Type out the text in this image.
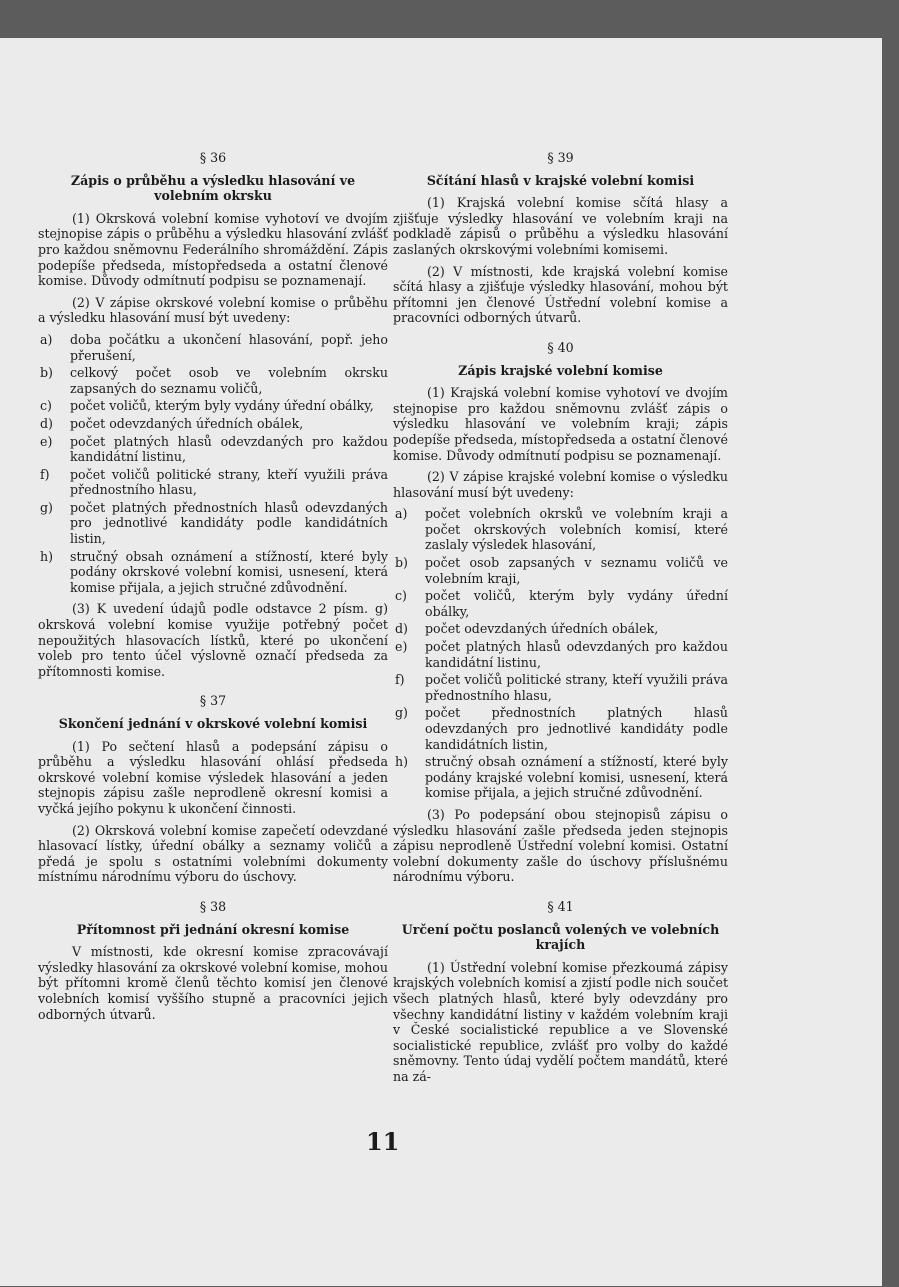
§ 36
Zápis o průběhu a výsledku hlasování ve volebním okrsku

(1) Okrsková volební komise vyhotoví ve dvojím stejnopise zápis o průběhu a výsledku hlasování zvlášť pro každou sněmovnu Federálního shromáždění. Zápis podepíše předseda, místopředseda a ostatní členové komise. Důvody odmítnutí podpisu se poznamenají.

(2) V zápise okrskové volební komise o průběhu a výsledku hlasování musí být uvedeny:

a)	doba počátku a ukončení hlasování, popř. jeho přerušení,
b)	celkový počet osob ve volebním okrsku zapsaných do seznamu voličů,
c)	počet voličů, kterým byly vydány úřední obálky,
d)	počet odevzdaných úředních obálek,
e)	počet platných hlasů odevzdaných pro každou kandidátní listinu,
f)	počet voličů politické strany, kteří využili práva přednostního hlasu,
g)	počet platných přednostních hlasů odevzdaných pro jednotlivé kandidáty podle kandidátních listin,
h)	stručný obsah oznámení a stížností, které byly podány okrskové volební komisi, usnesení, která komise přijala, a jejich stručné zdůvodnění.

(3) K uvedení údajů podle odstavce 2 písm. g) okrsková volební komise využije potřebný počet nepoužitých hlasovacích lístků, které po ukončení voleb pro tento účel výslovně označí předseda za přítomnosti komise.

§ 37
Skončení jednání v okrskové volební komisi

(1) Po sečtení hlasů a podepsání zápisu o průběhu a výsledku hlasování ohlásí předseda okrskové volební komise výsledek hlasování a jeden stejnopis zápisu zašle neprodleně okresní komisi a vyčká jejího pokynu k ukončení činnosti.

(2) Okrsková volební komise zapečetí odevzdané hlasovací lístky, úřední obálky a seznamy voličů a předá je spolu s ostatními volebními dokumenty místnímu národnímu výboru do úschovy.

§ 38
Přítomnost při jednání okresní komise

V místnosti, kde okresní komise zpracovávají výsledky hlasování za okrskové volební komise, mohou být přítomni kromě členů těchto komisí jen členové volebních komisí vyššího stupně a pracovníci jejich odborných útvarů.

§ 39
Sčítání hlasů v krajské volební komisi

(1) Krajská volební komise sčítá hlasy a zjišťuje výsledky hlasování ve volebním kraji na podkladě zápisů o průběhu a výsledku hlasování zaslaných okrskovými volebními komisemi.

(2) V místnosti, kde krajská volební komise sčítá hlasy a zjišťuje výsledky hlasování, mohou být přítomni jen členové Ústřední volební komise a pracovníci odborných útvarů.

§ 40
Zápis krajské volební komise

(1) Krajská volební komise vyhotoví ve dvojím stejnopise pro každou sněmovnu zvlášť zápis o výsledku hlasování ve volebním kraji; zápis podepíše předseda, místopředseda a ostatní členové komise. Důvody odmítnutí podpisu se poznamenají.

(2) V zápise krajské volební komise o výsledku hlasování musí být uvedeny:

a)	počet volebních okrsků ve volebním kraji a počet okrskových volebních komisí, které zaslaly výsledek hlasování,
b)	počet osob zapsaných v seznamu voličů ve volebním kraji,
c)	počet voličů, kterým byly vydány úřední obálky,
d)	počet odevzdaných úředních obálek,
e)	počet platných hlasů odevzdaných pro každou kandidátní listinu,
f)	počet voličů politické strany, kteří využili práva přednostního hlasu,
g)	počet přednostních platných hlasů odevzdaných pro jednotlivé kandidáty podle kandidátních listin,
h)	stručný obsah oznámení a stížností, které byly podány krajské volební komisi, usnesení, která komise přijala, a jejich stručné zdůvodnění.

(3) Po podepsání obou stejnopisů zápisu o výsledku hlasování zašle předseda jeden stejnopis zápisu neprodleně Ústřední volební komisi. Ostatní volební dokumenty zašle do úschovy příslušnému národnímu výboru.

§ 41
Určení počtu poslanců volených ve volebních krajích

(1) Ústřední volební komise přezkoumá zápisy krajských volebních komisí a zjistí podle nich součet všech platných hlasů, které byly odevzdány pro všechny kandidátní listiny v každém volebním kraji v České socialistické republice a ve Slovenské socialistické republice, zvlášť pro volby do každé sněmovny. Tento údaj vydělí počtem mandátů, které na zá-

11
